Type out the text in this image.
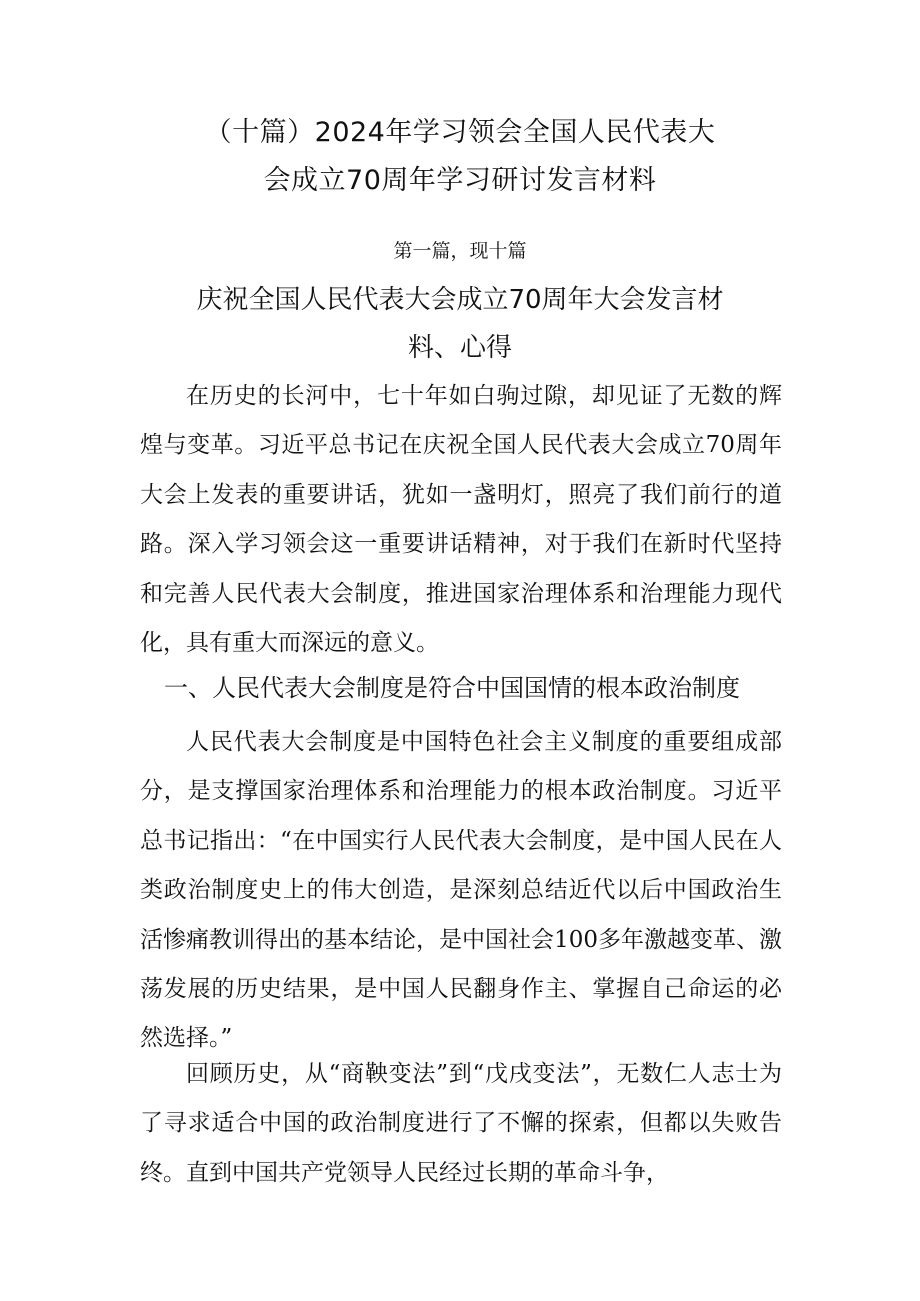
（十篇）2024年学习领会全国人民代表大
会成立70周年学习研讨发言材料
第一篇，现十篇
庆祝全国人民代表大会成立70周年大会发言材
料、心得

在历史的长河中，七十年如白驹过隙，却见证了无数的辉煌与变革。习近平总书记在庆祝全国人民代表大会成立70周年大会上发表的重要讲话，犹如一盏明灯，照亮了我们前行的道路。深入学习领会这一重要讲话精神，对于我们在新时代坚持和完善人民代表大会制度，推进国家治理体系和治理能力现代化，具有重大而深远的意义。

一、人民代表大会制度是符合中国国情的根本政治制度

人民代表大会制度是中国特色社会主义制度的重要组成部分，是支撑国家治理体系和治理能力的根本政治制度。习近平总书记指出：“在中国实行人民代表大会制度，是中国人民在人类政治制度史上的伟大创造，是深刻总结近代以后中国政治生活惨痛教训得出的基本结论，是中国社会100多年激越变革、激荡发展的历史结果，是中国人民翻身作主、掌握自己命运的必然选择。”

回顾历史，从“商鞅变法”到“戊戌变法”，无数仁人志士为了寻求适合中国的政治制度进行了不懈的探索，但都以失败告终。直到中国共产党领导人民经过长期的革命斗争，
